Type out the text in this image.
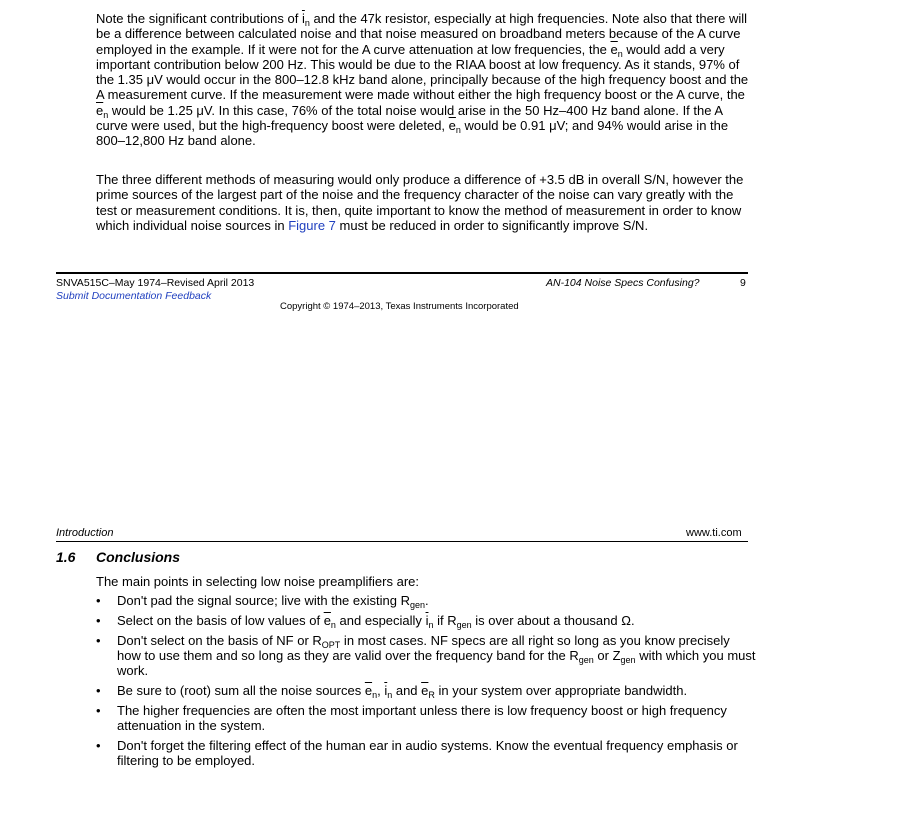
Note the significant contributions of $\overline{i}_n$ and the 47k resistor, especially at high frequencies. Note also that there will be a difference between calculated noise and that noise measured on broadband meters because of the A curve employed in the example. If it were not for the A curve attenuation at low frequencies, the $\overline{e}_n$ would add a very important contribution below 200 Hz. This would be due to the RIAA boost at low frequency. As it stands, 97% of the 1.35 μV would occur in the 800–12.8 kHz band alone, principally because of the high frequency boost and the A measurement curve. If the measurement were made without either the high frequency boost or the A curve, the $\overline{e}_n$ would be 1.25 μV. In this case, 76% of the total noise would arise in the 50 Hz–400 Hz band alone. If the A curve were used, but the high-frequency boost were deleted, $\overline{e}_n$ would be 0.91 μV; and 94% would arise in the 800–12,800 Hz band alone.

The three different methods of measuring would only produce a difference of +3.5 dB in overall S/N, however the prime sources of the largest part of the noise and the frequency character of the noise can vary greatly with the test or measurement conditions. It is, then, quite important to know the method of measurement in order to know which individual noise sources in Figure 7 must be reduced in order to significantly improve S/N.

SNVA515C–May 1974–Revised April 2013
Submit Documentation Feedback
AN-104 Noise Specs Confusing?	9
Copyright © 1974–2013, Texas Instruments Incorporated
Introduction	www.ti.com
1.6 Conclusions

The main points in selecting low noise preamplifiers are:

• Don't pad the signal source; live with the existing $R_{gen}$.
• Select on the basis of low values of $\overline{e}_n$ and especially $\overline{i}_n$ if $R_{gen}$ is over about a thousand Ω.
• Don't select on the basis of NF or $R_{OPT}$ in most cases. NF specs are all right so long as you know precisely how to use them and so long as they are valid over the frequency band for the $R_{gen}$ or $Z_{gen}$ with which you must work.
• Be sure to (root) sum all the noise sources $\overline{e}_n$, $\overline{i}_n$ and $\overline{e}_R$ in your system over appropriate bandwidth.
• The higher frequencies are often the most important unless there is low frequency boost or high frequency attenuation in the system.
• Don't forget the filtering effect of the human ear in audio systems. Know the eventual frequency emphasis or filtering to be employed.
